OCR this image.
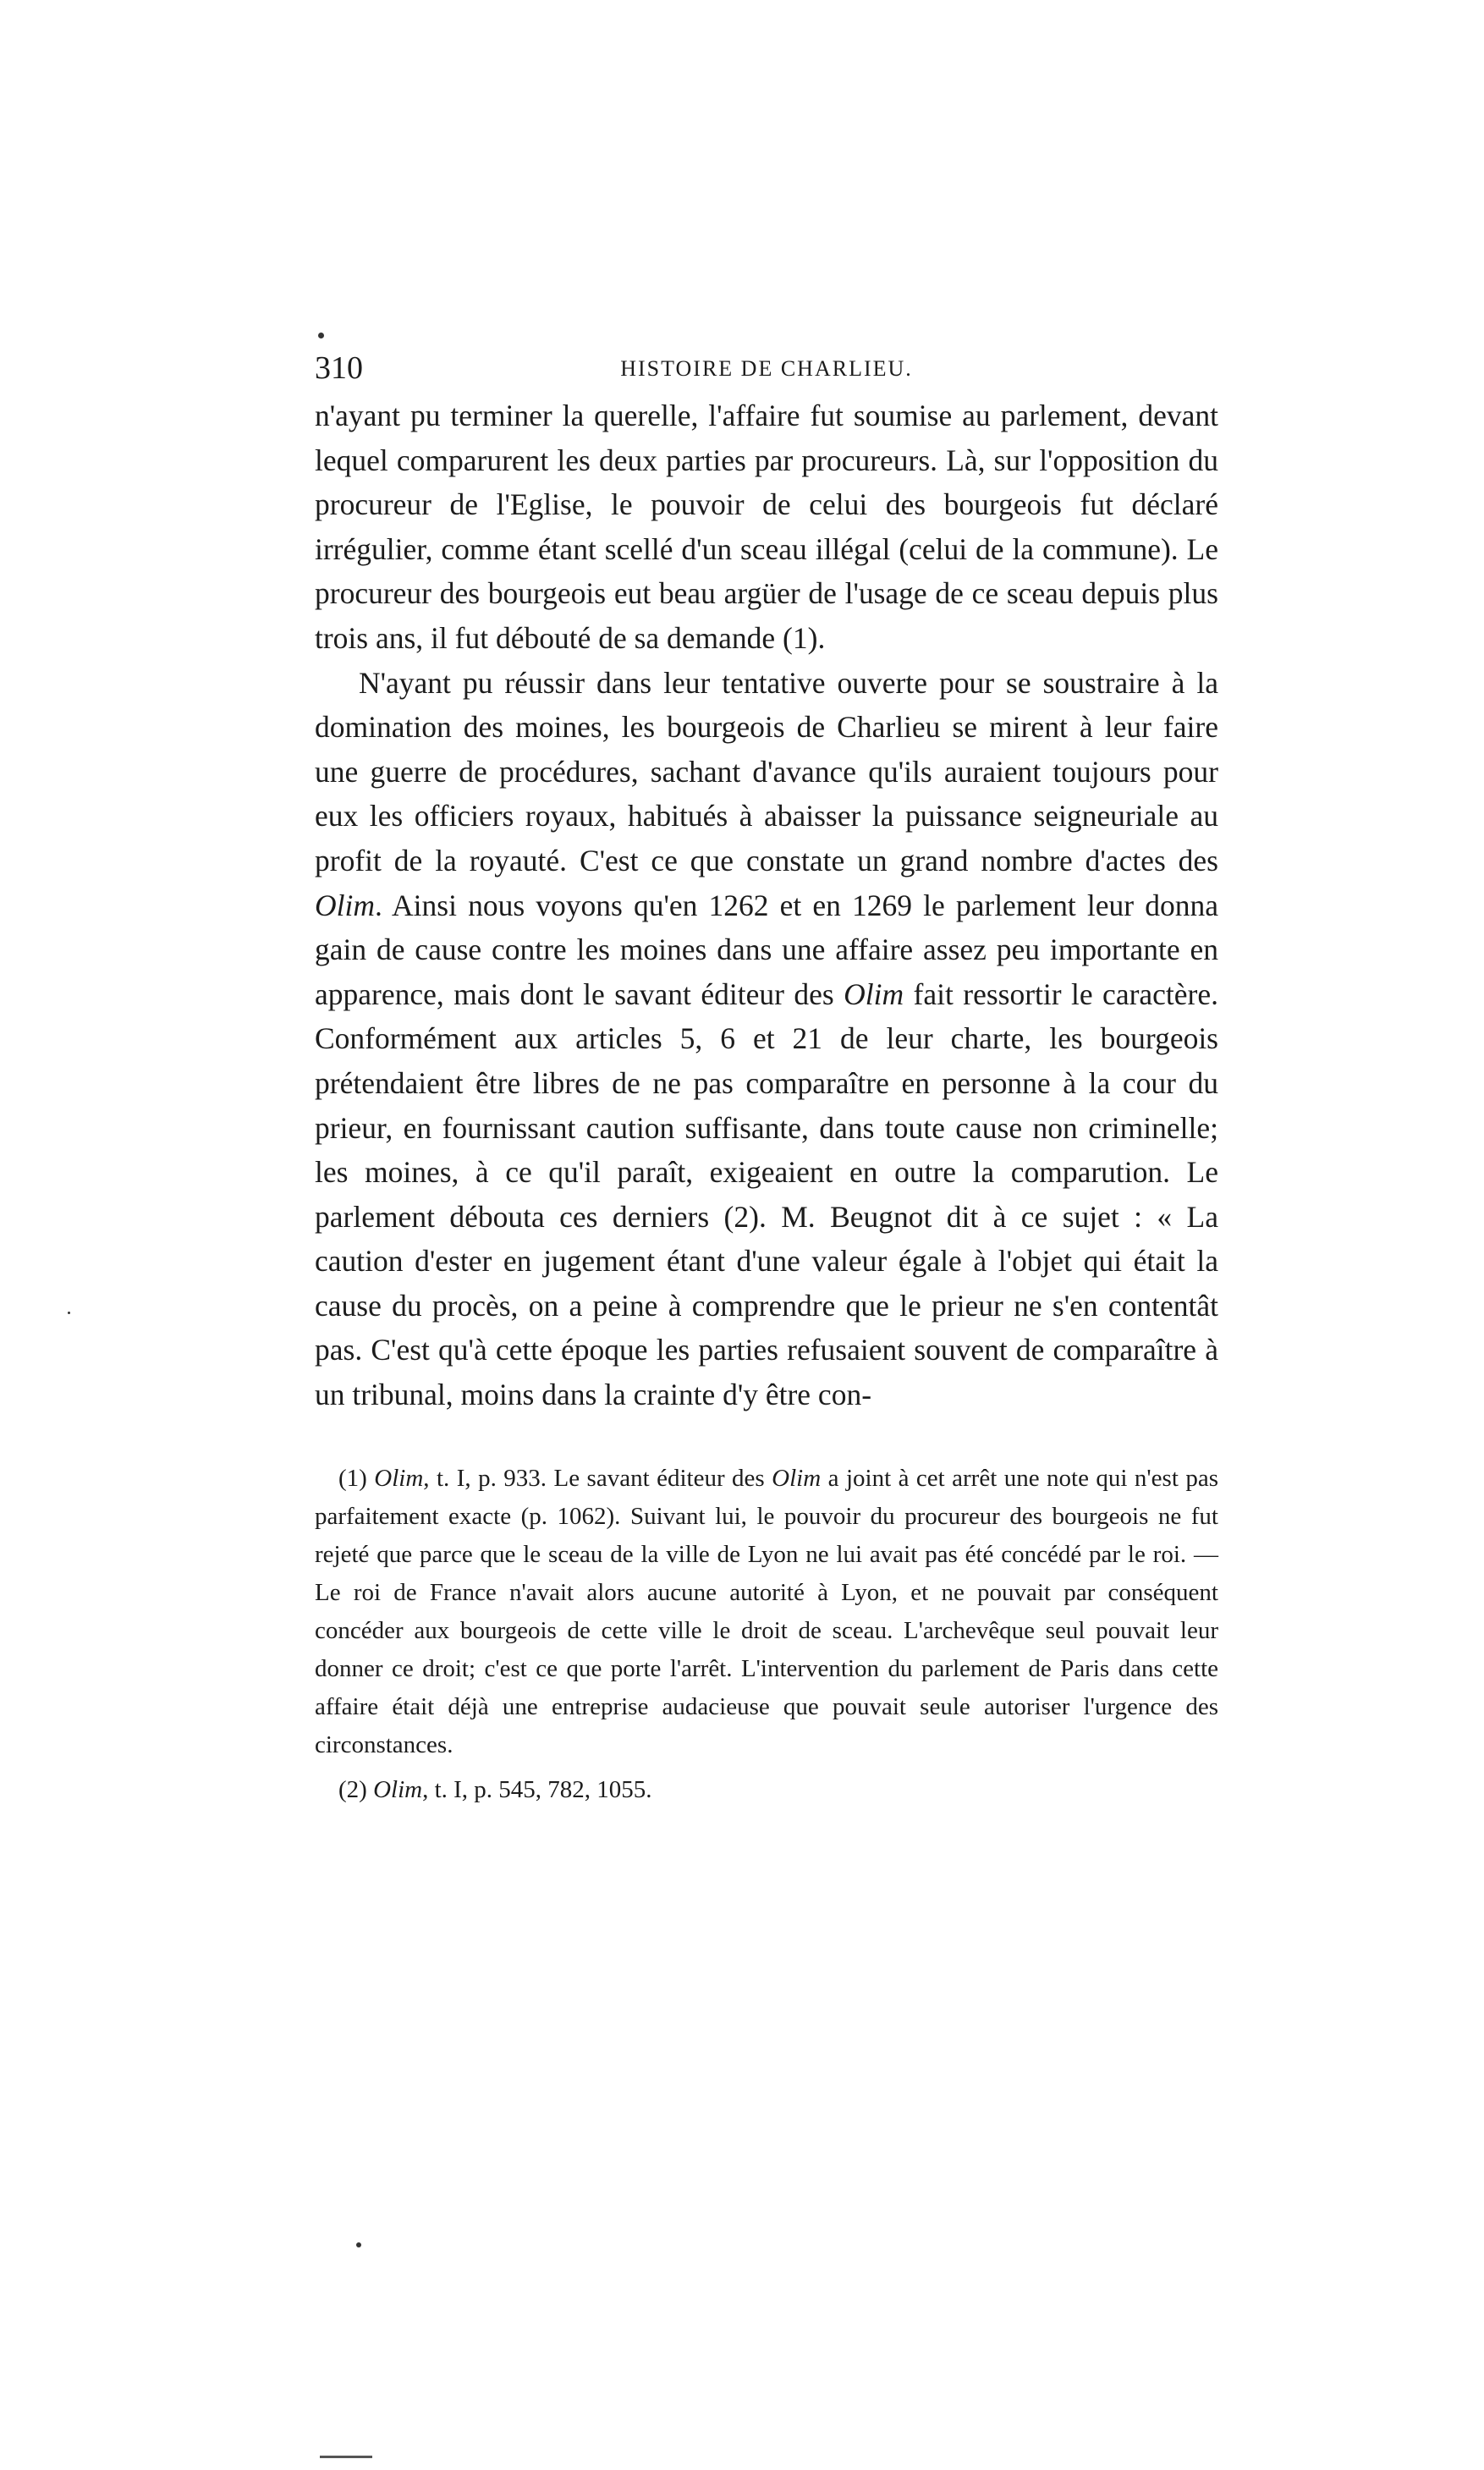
310	HISTOIRE DE CHARLIEU.

n'ayant pu terminer la querelle, l'affaire fut soumise au parlement, devant lequel comparurent les deux parties par procureurs. Là, sur l'opposition du procureur de l'Eglise, le pouvoir de celui des bourgeois fut déclaré irrégulier, comme étant scellé d'un sceau illégal (celui de la commune). Le procureur des bourgeois eut beau argüer de l'usage de ce sceau depuis plus trois ans, il fut débouté de sa demande (1).

N'ayant pu réussir dans leur tentative ouverte pour se soustraire à la domination des moines, les bourgeois de Charlieu se mirent à leur faire une guerre de procédures, sachant d'avance qu'ils auraient toujours pour eux les officiers royaux, habitués à abaisser la puissance seigneuriale au profit de la royauté. C'est ce que constate un grand nombre d'actes des Olim. Ainsi nous voyons qu'en 1262 et en 1269 le parlement leur donna gain de cause contre les moines dans une affaire assez peu importante en apparence, mais dont le savant éditeur des Olim fait ressortir le caractère. Conformément aux articles 5, 6 et 21 de leur charte, les bourgeois prétendaient être libres de ne pas comparaître en personne à la cour du prieur, en fournissant caution suffisante, dans toute cause non criminelle; les moines, à ce qu'il paraît, exigeaient en outre la comparution. Le parlement débouta ces derniers (2). M. Beugnot dit à ce sujet : « La caution d'ester en jugement étant d'une valeur égale à l'objet qui était la cause du procès, on a peine à comprendre que le prieur ne s'en contentât pas. C'est qu'à cette époque les parties refusaient souvent de comparaître à un tribunal, moins dans la crainte d'y être con-

(1) Olim, t. I, p. 933. Le savant éditeur des Olim a joint à cet arrêt une note qui n'est pas parfaitement exacte (p. 1062). Suivant lui, le pouvoir du procureur des bourgeois ne fut rejeté que parce que le sceau de la ville de Lyon ne lui avait pas été concédé par le roi. — Le roi de France n'avait alors aucune autorité à Lyon, et ne pouvait par conséquent concéder aux bourgeois de cette ville le droit de sceau. L'archevêque seul pouvait leur donner ce droit; c'est ce que porte l'arrêt. L'intervention du parlement de Paris dans cette affaire était déjà une entreprise audacieuse que pouvait seule autoriser l'urgence des circonstances.

(2) Olim, t. I, p. 545, 782, 1055.
